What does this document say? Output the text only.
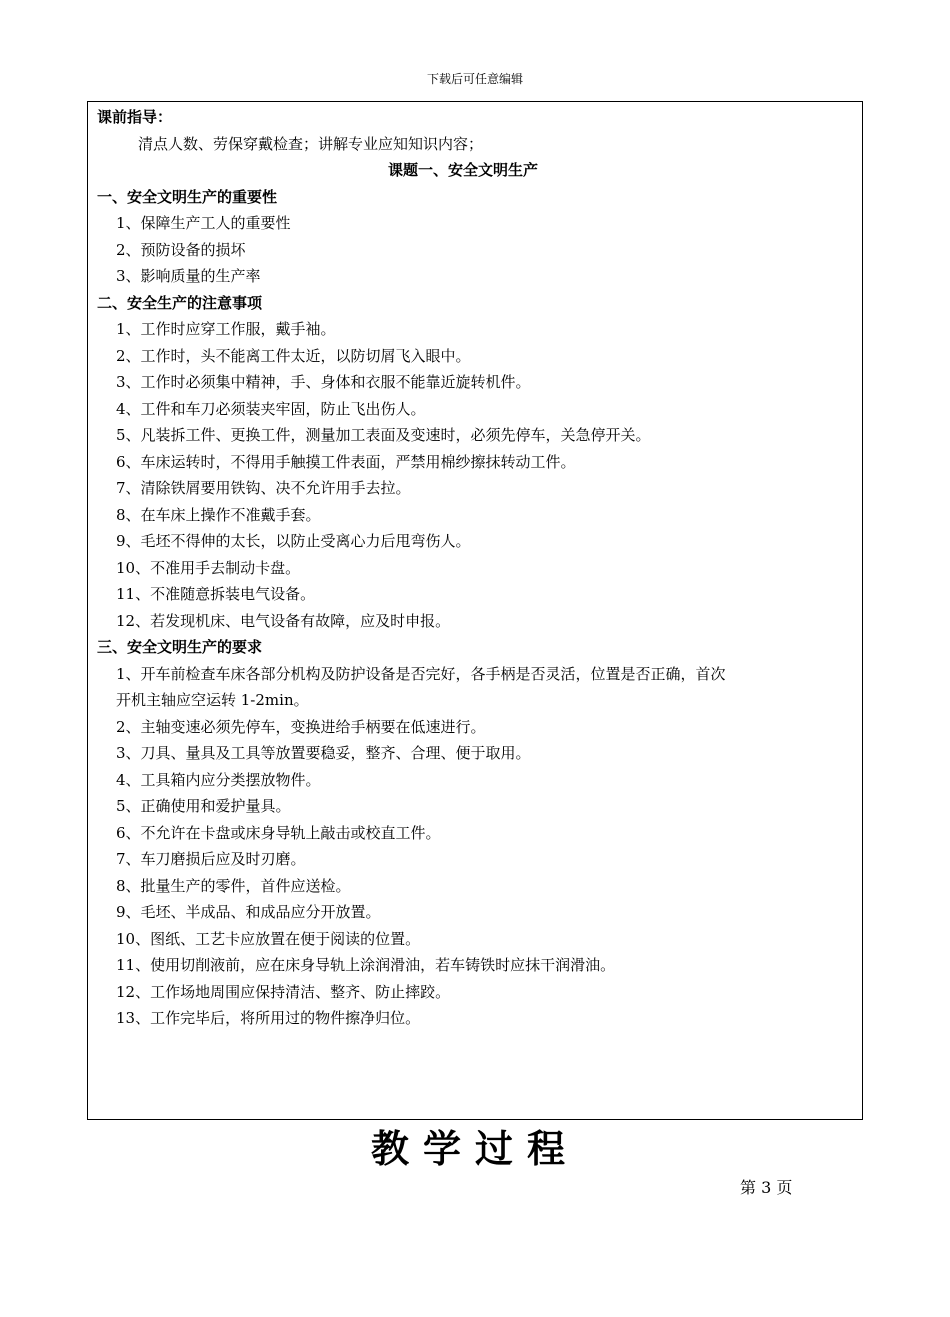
下载后可任意编辑
课前指导：
清点人数、劳保穿戴检查；讲解专业应知知识内容；
课题一、安全文明生产
一、安全文明生产的重要性
1、保障生产工人的重要性
2、预防设备的损坏
3、影响质量的生产率
二、安全生产的注意事项
1、工作时应穿工作服，戴手袖。
2、工作时，头不能离工件太近，以防切屑飞入眼中。
3、工作时必须集中精神，手、身体和衣服不能靠近旋转机件。
4、工件和车刀必须装夹牢固，防止飞出伤人。
5、凡装拆工件、更换工件，测量加工表面及变速时，必须先停车，关急停开关。
6、车床运转时，不得用手触摸工件表面，严禁用棉纱擦抹转动工件。
7、清除铁屑要用铁钩、决不允许用手去拉。
8、在车床上操作不准戴手套。
9、毛坯不得伸的太长，以防止受离心力后甩弯伤人。
10、不准用手去制动卡盘。
11、不准随意拆装电气设备。
12、若发现机床、电气设备有故障，应及时申报。
三、安全文明生产的要求
1、开车前检查车床各部分机构及防护设备是否完好，各手柄是否灵活，位置是否正确，首次
开机主轴应空运转 1-2min。
2、主轴变速必须先停车，变换进给手柄要在低速进行。
3、刀具、量具及工具等放置要稳妥，整齐、合理、便于取用。
4、工具箱内应分类摆放物件。
5、正确使用和爱护量具。
6、不允许在卡盘或床身导轨上敲击或校直工件。
7、车刀磨损后应及时刃磨。
8、批量生产的零件，首件应送检。
9、毛坯、半成品、和成品应分开放置。
10、图纸、工艺卡应放置在便于阅读的位置。
11、使用切削液前，应在床身导轨上涂润滑油，若车铸铁时应抹干润滑油。
12、工作场地周围应保持清洁、整齐、防止摔跤。
13、工作完毕后，将所用过的物件擦净归位。
教学过程
第 3 页
